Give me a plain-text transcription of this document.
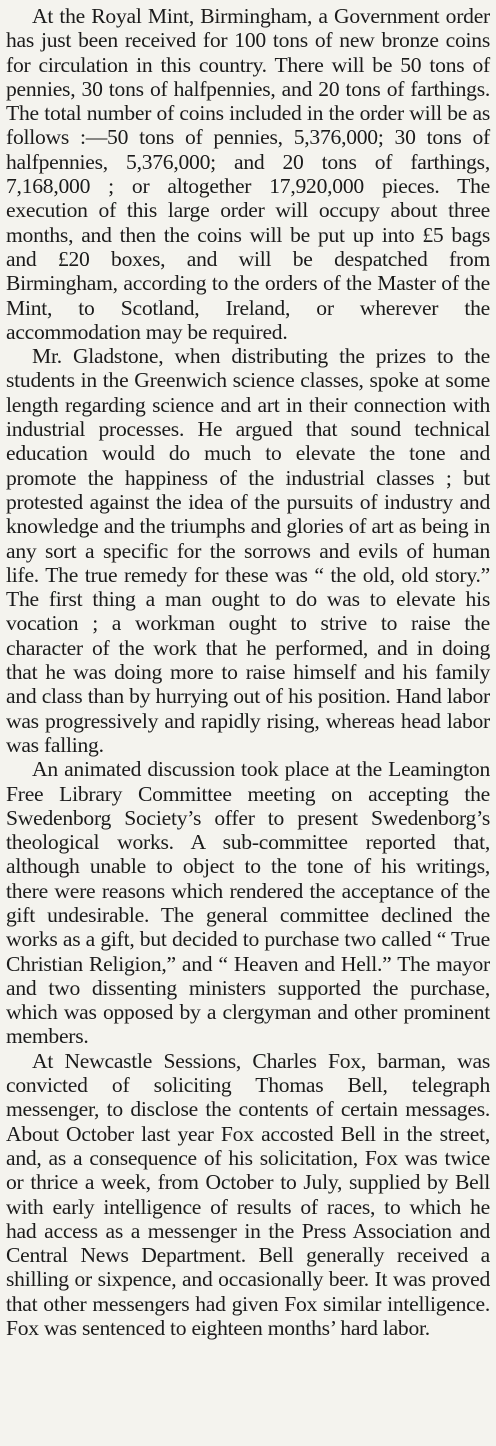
At the Royal Mint, Birmingham, a Government order has just been received for 100 tons of new bronze coins for circulation in this country. There will be 50 tons of pennies, 30 tons of halfpennies, and 20 tons of farthings. The total number of coins included in the order will be as follows :—50 tons of pennies, 5,376,000; 30 tons of halfpennies, 5,376,000; and 20 tons of farthings, 7,168,000 ; or altogether 17,920,000 pieces. The execution of this large order will occupy about three months, and then the coins will be put up into £5 bags and £20 boxes, and will be despatched from Birmingham, according to the orders of the Master of the Mint, to Scotland, Ireland, or wherever the accommodation may be required.

Mr. Gladstone, when distributing the prizes to the students in the Greenwich science classes, spoke at some length regarding science and art in their connection with industrial processes. He argued that sound technical education would do much to elevate the tone and promote the happiness of the industrial classes ; but protested against the idea of the pursuits of industry and knowledge and the triumphs and glories of art as being in any sort a specific for the sorrows and evils of human life. The true remedy for these was “ the old, old story.” The first thing a man ought to do was to elevate his vocation ; a workman ought to strive to raise the character of the work that he performed, and in doing that he was doing more to raise himself and his family and class than by hurrying out of his position. Hand labor was progressively and rapidly rising, whereas head labor was falling.

An animated discussion took place at the Leamington Free Library Committee meeting on accepting the Swedenborg Society’s offer to present Swedenborg’s theological works. A sub-committee reported that, although unable to object to the tone of his writings, there were reasons which rendered the acceptance of the gift undesirable. The general committee declined the works as a gift, but decided to purchase two called “ True Christian Religion,” and “ Heaven and Hell.” The mayor and two dissenting ministers supported the purchase, which was opposed by a clergyman and other prominent members.

At Newcastle Sessions, Charles Fox, barman, was convicted of soliciting Thomas Bell, telegraph messenger, to disclose the contents of certain messages. About October last year Fox accosted Bell in the street, and, as a consequence of his solicitation, Fox was twice or thrice a week, from October to July, supplied by Bell with early intelligence of results of races, to which he had access as a messenger in the Press Association and Central News Department. Bell generally received a shilling or sixpence, and occasionally beer. It was proved that other messengers had given Fox similar intelligence. Fox was sentenced to eighteen months’ hard labor.
